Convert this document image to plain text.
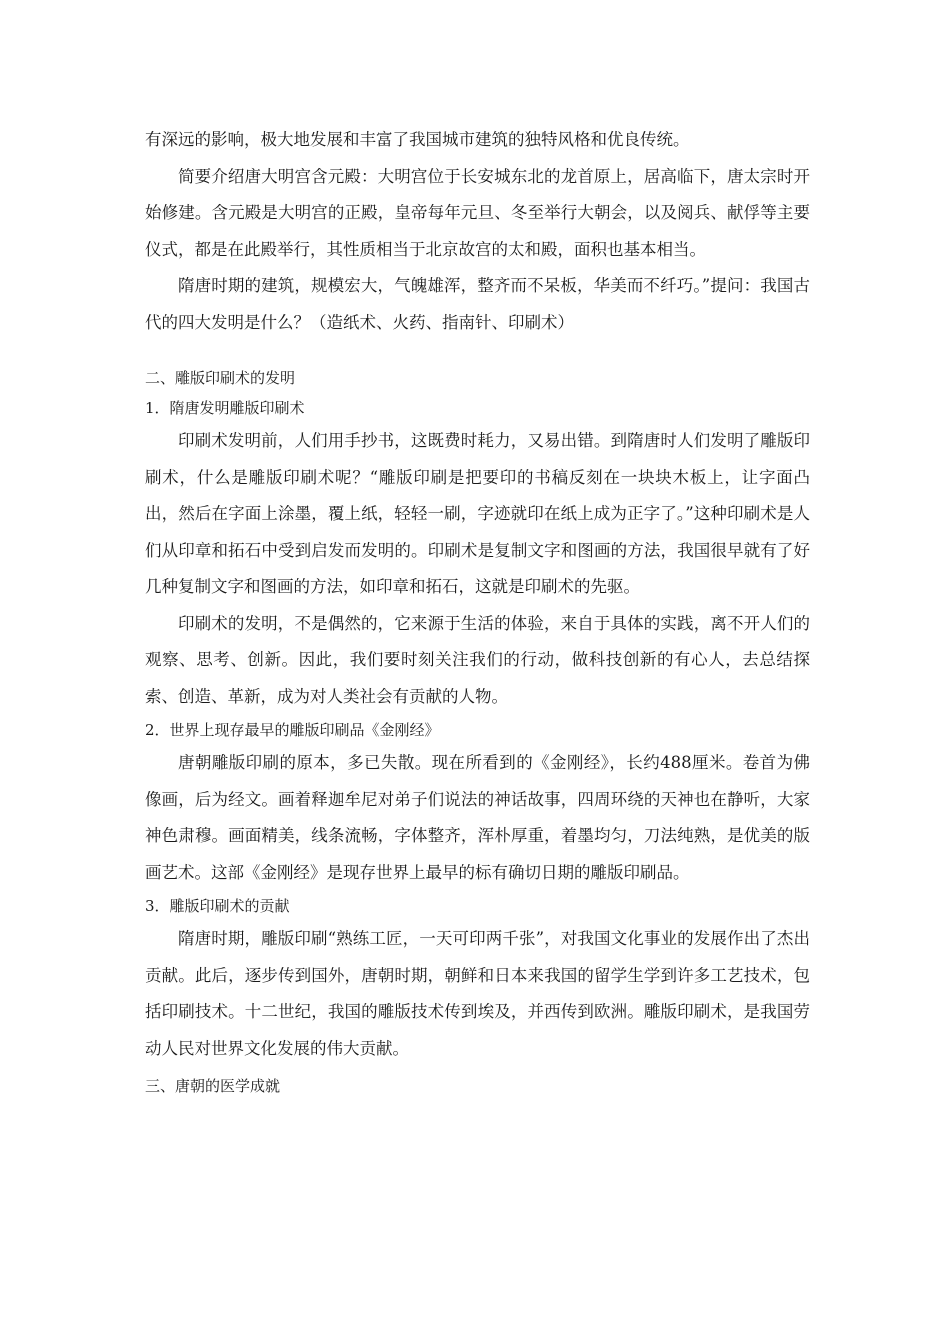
有深远的影响，极大地发展和丰富了我国城市建筑的独特风格和优良传统。

简要介绍唐大明宫含元殿：大明宫位于长安城东北的龙首原上，居高临下，唐太宗时开始修建。含元殿是大明宫的正殿，皇帝每年元旦、冬至举行大朝会，以及阅兵、献俘等主要仪式，都是在此殿举行，其性质相当于北京故宫的太和殿，面积也基本相当。

隋唐时期的建筑，规模宏大，气魄雄浑，整齐而不呆板，华美而不纤巧。”提问：我国古代的四大发明是什么？（造纸术、火药、指南针、印刷术）

二、雕版印刷术的发明

1．隋唐发明雕版印刷术

印刷术发明前，人们用手抄书，这既费时耗力，又易出错。到隋唐时人们发明了雕版印刷术，什么是雕版印刷术呢？“雕版印刷是把要印的书稿反刻在一块块木板上，让字面凸出，然后在字面上涂墨，覆上纸，轻轻一刷，字迹就印在纸上成为正字了。”这种印刷术是人们从印章和拓石中受到启发而发明的。印刷术是复制文字和图画的方法，我国很早就有了好几种复制文字和图画的方法，如印章和拓石，这就是印刷术的先驱。

印刷术的发明，不是偶然的，它来源于生活的体验，来自于具体的实践，离不开人们的观察、思考、创新。因此，我们要时刻关注我们的行动，做科技创新的有心人，去总结探索、创造、革新，成为对人类社会有贡献的人物。

2．世界上现存最早的雕版印刷品《金刚经》

唐朝雕版印刷的原本，多已失散。现在所看到的《金刚经》，长约488厘米。卷首为佛像画，后为经文。画着释迦牟尼对弟子们说法的神话故事，四周环绕的天神也在静听，大家神色肃穆。画面精美，线条流畅，字体整齐，浑朴厚重，着墨均匀，刀法纯熟，是优美的版画艺术。这部《金刚经》是现存世界上最早的标有确切日期的雕版印刷品。

3．雕版印刷术的贡献

隋唐时期，雕版印刷“熟练工匠，一天可印两千张”，对我国文化事业的发展作出了杰出贡献。此后，逐步传到国外，唐朝时期，朝鲜和日本来我国的留学生学到许多工艺技术，包括印刷技术。十二世纪，我国的雕版技术传到埃及，并西传到欧洲。雕版印刷术，是我国劳动人民对世界文化发展的伟大贡献。

三、唐朝的医学成就
